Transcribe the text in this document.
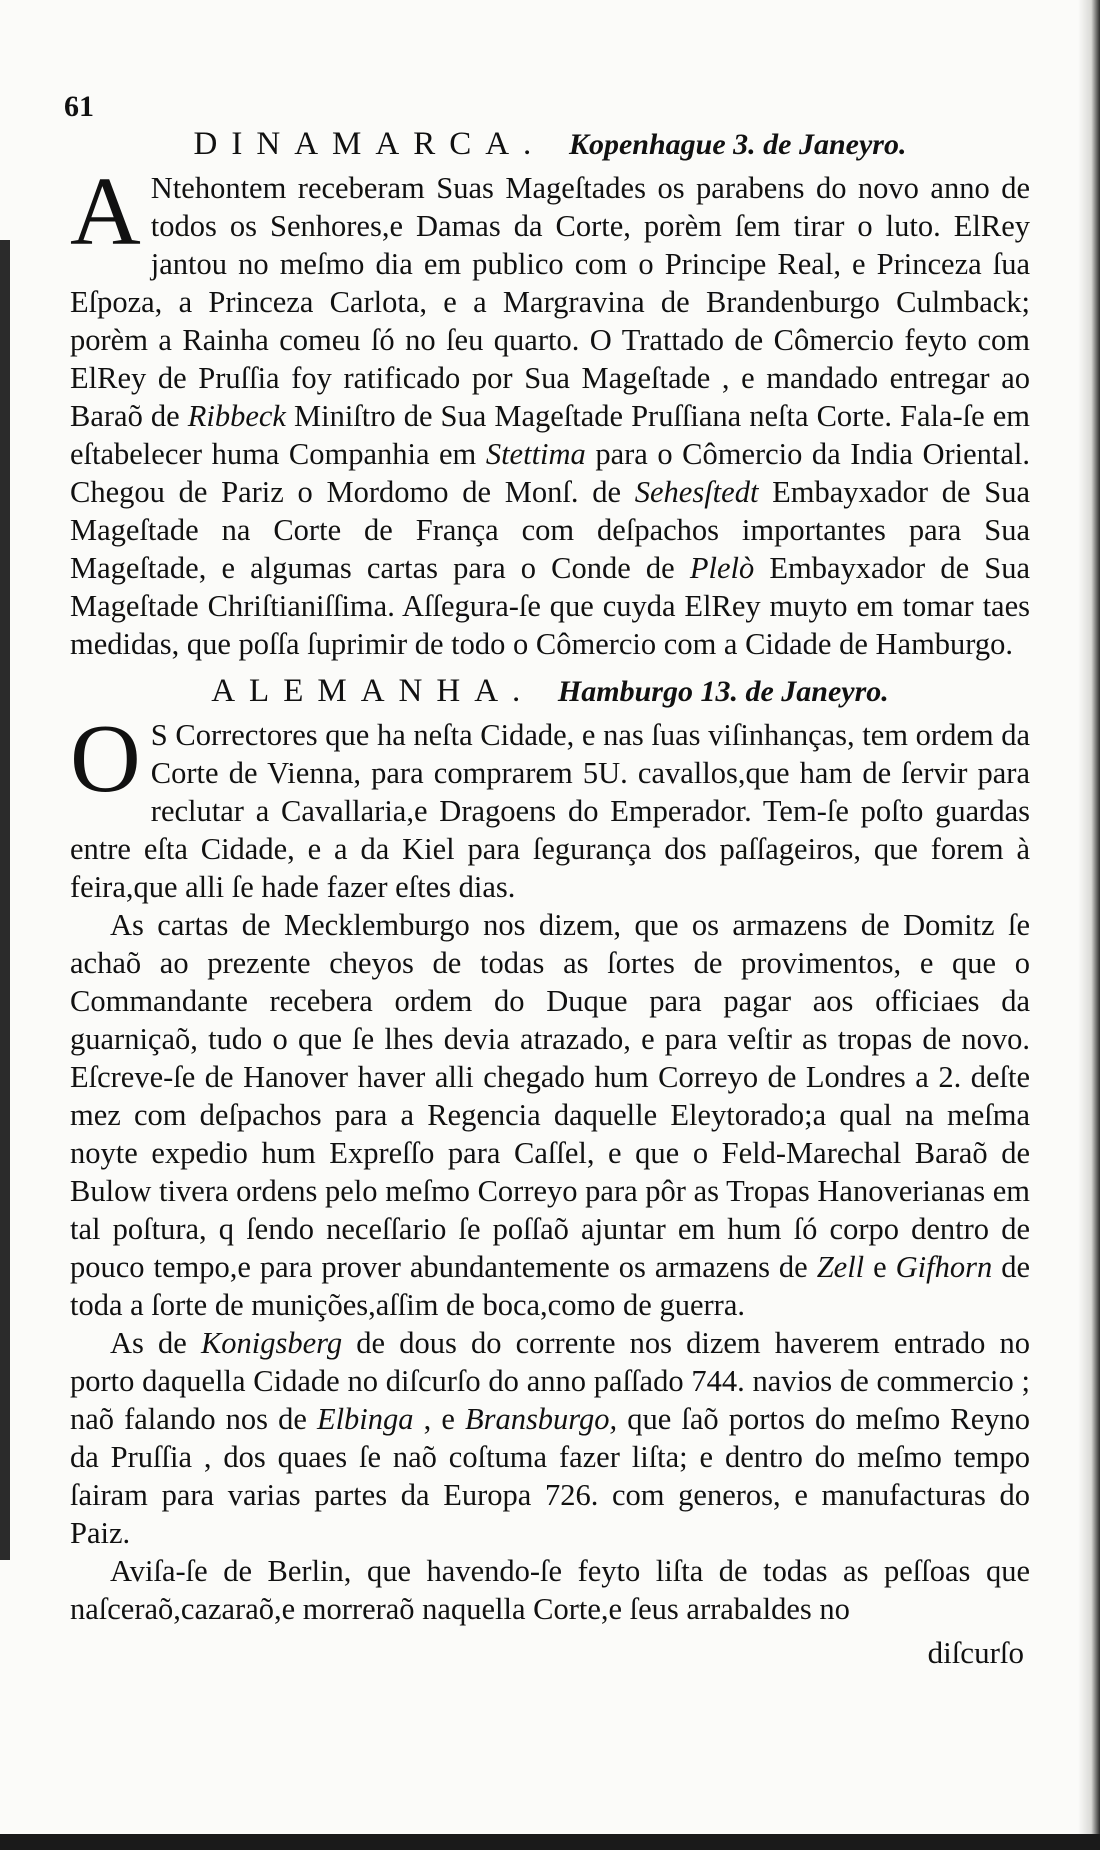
61
DINAMARCA. Kopenhague 3. de Janeyro.

A Ntehontem receberam Suas Mageſtades os parabens do novo anno de todos os Senhores,e Damas da Corte, porèm ſem tirar o luto. ElRey jantou no meſmo dia em publico com o Principe Real, e Princeza ſua Eſpoza, a Princeza Carlota, e a Margravina de Brandenburgo Culmback; porèm a Rainha comeu ſó no ſeu quarto. O Trattado de Cômercio feyto com ElRey de Pruſſia foy ratificado por Sua Mageſtade , e mandado entregar ao Baraõ de Ribbeck Miniſtro de Sua Mageſtade Pruſſiana neſta Corte. Fala-ſe em eſtabelecer huma Companhia em Stettima para o Cômercio da India Oriental. Chegou de Pariz o Mordomo de Monſ. de Sehesſtedt Embayxador de Sua Mageſtade na Corte de França com deſpachos importantes para Sua Mageſtade, e algumas cartas para o Conde de Plelò Embayxador de Sua Mageſtade Chriſtianiſſima. Aſſegura-ſe que cuyda ElRey muyto em tomar taes medidas, que poſſa ſuprimir de todo o Cômercio com a Cidade de Hamburgo.

ALEMANHA. Hamburgo 13. de Janeyro.

O S Correctores que ha neſta Cidade, e nas ſuas viſinhanças, tem ordem da Corte de Vienna, para comprarem 5U. cavallos,que ham de ſervir para reclutar a Cavallaria,e Dragoens do Emperador. Tem-ſe poſto guardas entre eſta Cidade, e a da Kiel para ſegurança dos paſſageiros, que forem à feira,que alli ſe hade fazer eſtes dias.

As cartas de Mecklemburgo nos dizem, que os armazens de Domitz ſe achaõ ao prezente cheyos de todas as ſortes de provimentos, e que o Commandante recebera ordem do Duque para pagar aos officiaes da guarniçaõ, tudo o que ſe lhes devia atrazado, e para veſtir as tropas de novo. Eſcreve-ſe de Hanover haver alli chegado hum Correyo de Londres a 2. deſte mez com deſpachos para a Regencia daquelle Eleytorado;a qual na meſma noyte expedio hum Expreſſo para Caſſel, e que o Feld-Marechal Baraõ de Bulow tivera ordens pelo meſmo Correyo para pôr as Tropas Hanoverianas em tal poſtura, q ſendo neceſſario ſe poſſaõ ajuntar em hum ſó corpo dentro de pouco tempo,e para prover abundantemente os armazens de Zell e Gifhorn de toda a ſorte de munições,aſſim de boca,como de guerra.

As de Konigsberg de dous do corrente nos dizem haverem entrado no porto daquella Cidade no diſcurſo do anno paſſado 744. navios de commercio ; naõ falando nos de Elbinga , e Bransburgo, que ſaõ portos do meſmo Reyno da Pruſſia , dos quaes ſe naõ coſtuma fazer liſta; e dentro do meſmo tempo ſairam para varias partes da Europa 726. com generos, e manufacturas do Paiz.

Aviſa-ſe de Berlin, que havendo-ſe feyto liſta de todas as peſſoas que naſceraõ,cazaraõ,e morreraõ naquella Corte,e ſeus arrabaldes no

diſcurſo
